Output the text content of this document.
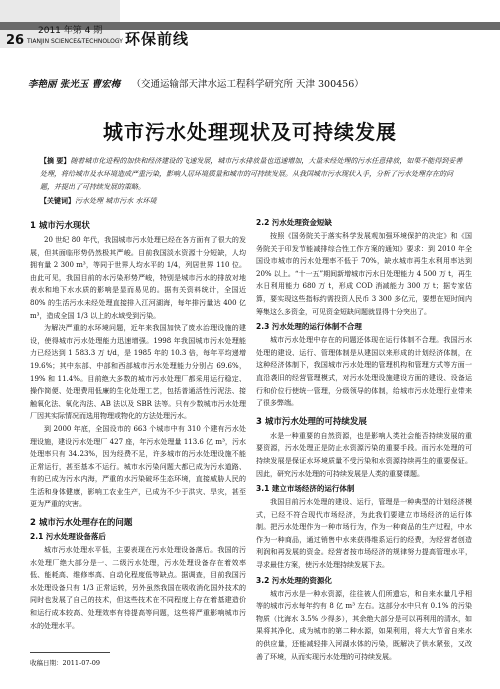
2011 年第 4 期
26 TIANJIN SCIENCE&TECHNOLOGY 环保前线
李艳丽 张光玉 曹宏梅 （交通运输部天津水运工程科学研究所 天津 300456）
城市污水处理现状及可持续发展
【摘 要】随着城市化进程的加快和经济建设的飞速发展，城市污水排放量也迅速增加，大量未经处理的污水任意排放，如果不能得到妥善处理，将给城市及水环境造成严重污染，影响人居环境质量和城市的可持续发展。从我国城市污水现状入手，分析了污水处理存在的问题，并提出了可持续发展的策略。
【关键词】污水处理 城市污水 水环境
1 城市污水现状

20 世纪 80 年代，我国城市污水处理已经在各方面有了很大的发展，但其面临形势仍然极其严峻。目前我国淡水资源十分短缺，人均拥有量 2 300 m³，等同于世界人均水平的 1/4，列居世界 110 位。由此可见，我国目前的水污染形势严峻，特别是城市污水的排放对地表水和地下水水质的影响是显而易见的。据有关资料统计，全国近 80% 的生活污水未经处理直接排入江河湖海，每年排污量达 400 亿 m³，造成全国 1/3 以上的水域受到污染。

为解决严重的水环境问题，近年来我国加快了废水治理设施的建设，使得城市污水处理能力迅速增强。1998 年我国城市污水处理能力已经达到 1 583.3 万 t/d，是 1985 年的 10.3 倍，每年平均递增 19.6%；其中东部、中部和西部城市污水处理能力分别占 69.6%，19% 和 11.4%。目前绝大多数的城市污水处理厂都采用运行稳定、操作简便、处理费用低廉的生化处理工艺，包括普通活性污泥法、接触氧化法、氧化沟法、AB 法以及 SBR 法等。只有少数城市污水处理厂因其实际情况而选用物理或物化的方法处理污水。

到 2000 年底，全国设市的 663 个城市中有 310 个建有污水处理设施，建设污水处理厂 427 座，年污水处理量 113.6 亿 m³，污水处理率只有 34.23%，因为经费不足，许多城市的污水处理设施不能正常运行，甚至基本不运行。城市水污染问题大都已成为污水道路、有的已成为污水内海，严重的水污染破坏生态环境，直接威胁人民的生活和身体健康，影响工农业生产，已成为不少于洪灾、旱灾，甚至更为严重的灾害。

2 城市污水处理存在的问题
2.1 污水处理设备落后

城市污水处理水平低，主要表现在污水处理设备落后。我国的污水处理厂绝大部分是一、二级污水处理，污水处理设备存在着效率低、能耗高、维修率高、自动化程度低等缺点。据调查，目前我国污水处理设备只有 1/3 正常运转，另外虽然我国在吸收消化国外技术的同时也发展了自己的技术，但这些技术在不同程度上存在着基建造价和运行成本较高、处理效率有待提高等问题，这些将严重影响城市污水的处理水平。

2.2 污水处理资金短缺

按照《国务院关于落实科学发展观加强环境保护的决定》和《国务院关于印发节能减排综合性工作方案的通知》要求：到 2010 年全国设市城市的污水处理率不低于 70%，缺水城市再生水利用率达到 20% 以上。“十一五”期间新增城市污水日处理能力 4 500 万 t，再生水日利用能力 680 万 t，形成 COD 消减能力 300 万 t；据专家估算，要实现这些指标约需投资人民币 3 300 多亿元，要想在短时间内筹集这么多资金，可见资金短缺问题就显得十分突出了。

2.3 污水处理的运行体制不合理

城市污水处理中存在的问题还体现在运行体制不合理。我国污水处理的建设、运行、管理体制是从建国以来形成的计划经济体制，在这种经济体制下，我国城市污水处理的管理机构和管理方式等方面一直沿袭旧的经营管理模式，对污水处理设施建设方面的建设、设备运行和价位行使统一管理，分级领导的体制，给城市污水处理行业带来了很多弊端。

3 城市污水处理的可持续发展

水是一种重要的自然资源，也是影响人类社会能否持续发展的重要资源，污水处理正是防止水资源污染的重要手段。而污水处理的可持续发展是保证水环境质量不受污染和水资源持续再生的重要保证。因此，研究污水处理的可持续发展是人类的重要课题。

3.1 建立市场经济的运行体制

我国目前污水处理的建设、运行，管理是一种典型的计划经济模式，已经不符合现代市场经济，为此我们要建立市场经济的运行体制。把污水处理作为一种市场行为，作为一种商品的生产过程，中水作为一种商品，通过销售中水来获得维系运行的经费，为经营者创造利润和再发展的资金。经营者按市场经济的规律努力提高管理水平，寻求最佳方案，使污水处理持续发展下去。

3.2 污水处理的资源化

城市污水是一种水资源，往往被人们所遗忘，和自来水量几乎相等的城市污水每年约有 8 亿 m³ 左右。这部分水中只有 0.1% 的污染物质（比海水 3.5% 少得多），其余绝大部分是可以再利用的清水，如果将其净化、成为城市的第二种水源，如果利用，将大大节省自来水的供应量，还能减轻排入河湖水体的污染，既解决了供水紧张，又改善了环境，从而实现污水处理的可持续发展。

收稿日期：2011-07-09
